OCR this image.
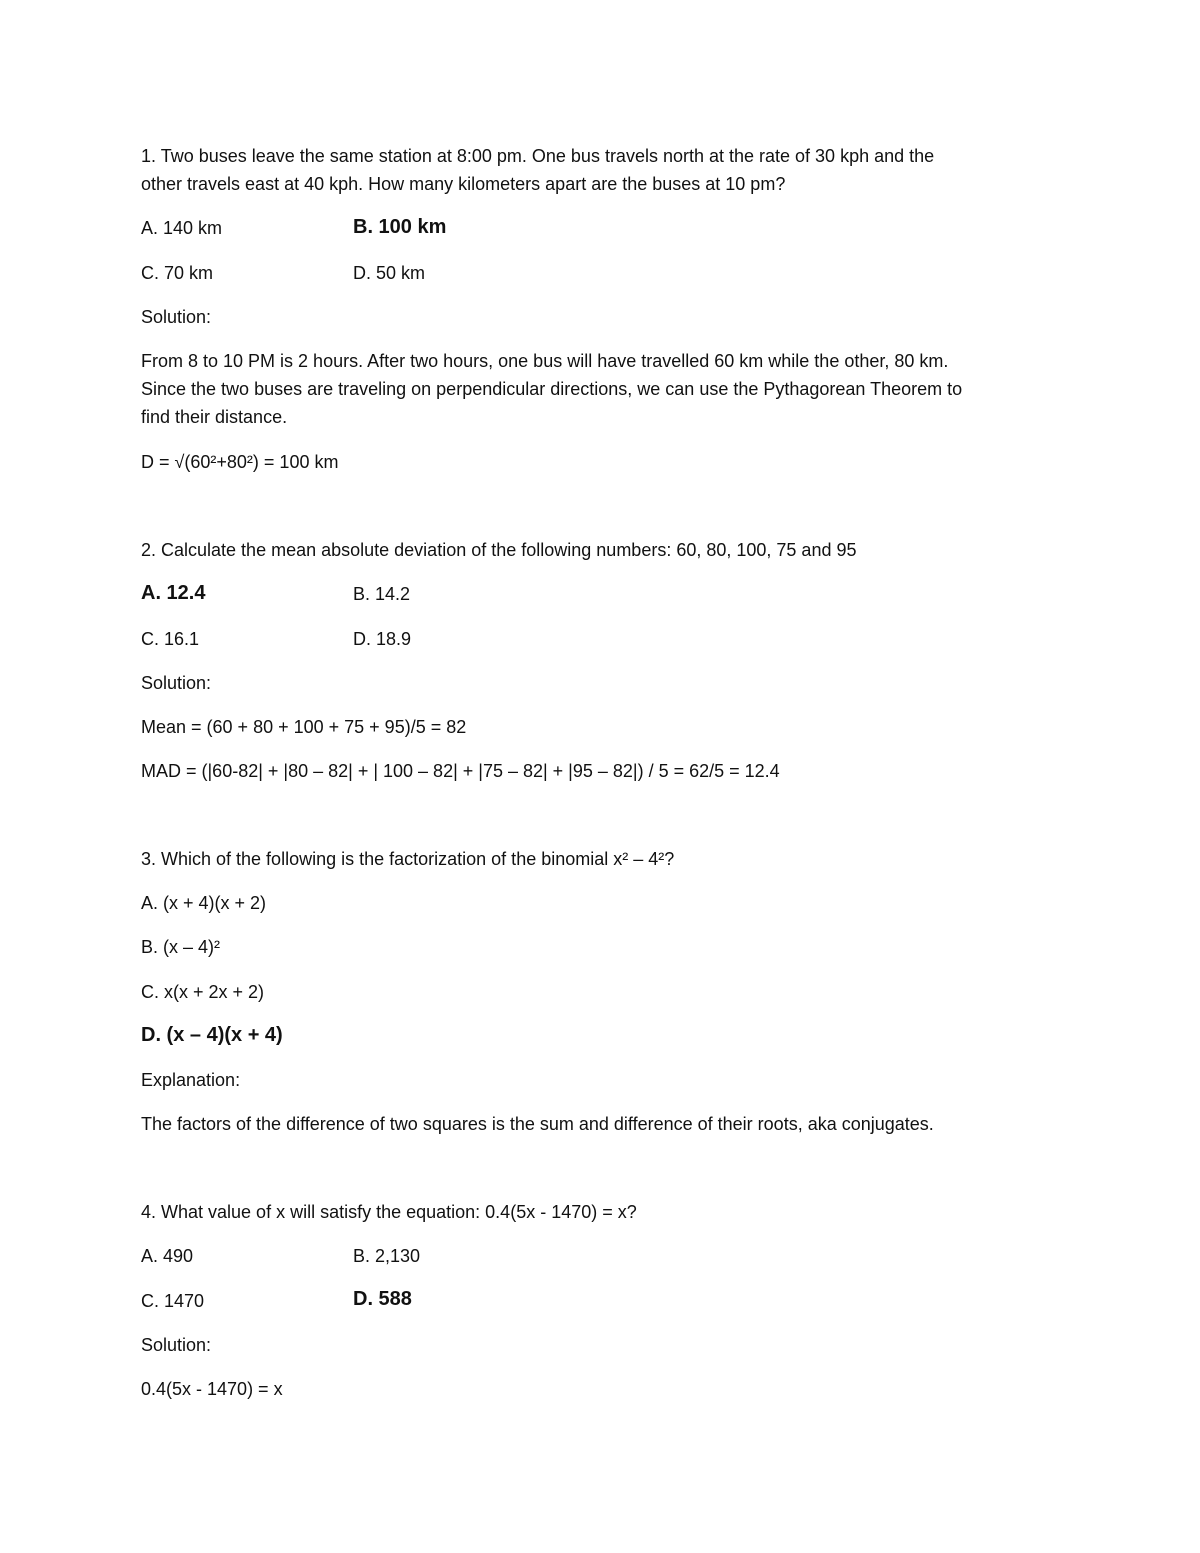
1. Two buses leave the same station at 8:00 pm. One bus travels north at the rate of 30 kph and the
other travels east at 40 kph. How many kilometers apart are the buses at 10 pm?
A. 140 km	B. 100 km
C. 70 km	D. 50 km
Solution:
From 8 to 10 PM is 2 hours. After two hours, one bus will have travelled 60 km while the other, 80 km.
Since the two buses are traveling on perpendicular directions, we can use the Pythagorean Theorem to
find their distance.
D = √(60²+80²) = 100 km
2. Calculate the mean absolute deviation of the following numbers: 60, 80, 100, 75 and 95
A. 12.4	B. 14.2
C. 16.1	D. 18.9
Solution:
Mean = (60 + 80 + 100 + 75 + 95)/5 = 82
MAD = (|60-82| + |80 – 82| + | 100 – 82| + |75 – 82| + |95 – 82|) / 5 = 62/5 = 12.4
3. Which of the following is the factorization of the binomial x² – 4²?
A. (x + 4)(x + 2)
B. (x – 4)²
C. x(x + 2x + 2)
D. (x – 4)(x + 4)
Explanation:
The factors of the difference of two squares is the sum and difference of their roots, aka conjugates.
4. What value of x will satisfy the equation: 0.4(5x - 1470) = x?
A. 490	B. 2,130
C. 1470	D. 588
Solution:
0.4(5x - 1470) = x
